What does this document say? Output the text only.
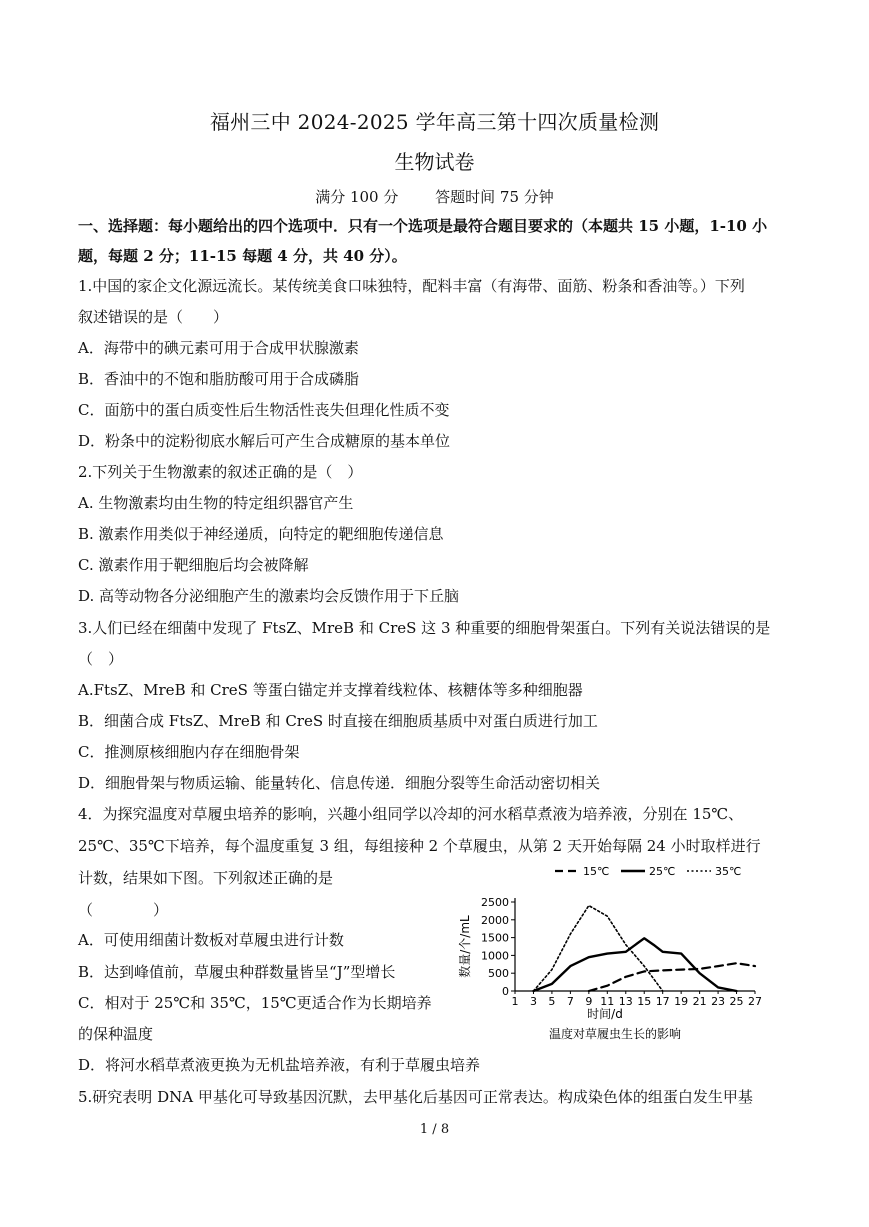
福州三中 2024-2025 学年高三第十四次质量检测
生物试卷
满分 100 分 答题时间 75 分钟
一、选择题：每小题给出的四个选项中．只有一个选项是最符合题目要求的（本题共 15 小题，1-10 小
题，每题 2 分；11-15 每题 4 分，共 40 分）。
1.中国的家企文化源远流长。某传统美食口味独特，配料丰富（有海带、面筋、粉条和香油等。）下列
叙述错误的是（　　）
A．海带中的碘元素可用于合成甲状腺激素
B．香油中的不饱和脂肪酸可用于合成磷脂
C．面筋中的蛋白质变性后生物活性丧失但理化性质不变
D．粉条中的淀粉彻底水解后可产生合成糖原的基本单位
2.下列关于生物激素的叙述正确的是（　）
A. 生物激素均由生物的特定组织器官产生
B. 激素作用类似于神经递质，向特定的靶细胞传递信息
C. 激素作用于靶细胞后均会被降解
D. 高等动物各分泌细胞产生的激素均会反馈作用于下丘脑
3.人们已经在细菌中发现了 FtsZ、MreB 和 CreS 这 3 种重要的细胞骨架蛋白。下列有关说法错误的是
（　）
A.FtsZ、MreB 和 CreS 等蛋白锚定并支撑着线粒体、核糖体等多种细胞器
B．细菌合成 FtsZ、MreB 和 CreS 时直接在细胞质基质中对蛋白质进行加工
C．推测原核细胞内存在细胞骨架
D．细胞骨架与物质运输、能量转化、信息传递．细胞分裂等生命活动密切相关
4．为探究温度对草履虫培养的影响，兴趣小组同学以冷却的河水稻草煮液为培养液，分别在 15℃、
25℃、35℃下培养，每个温度重复 3 组，每组接种 2 个草履虫，从第 2 天开始每隔 24 小时取样进行
计数，结果如下图。下列叙述正确的是
（　　　　）
A．可使用细菌计数板对草履虫进行计数
B．达到峰值前，草履虫种群数量皆呈“J”型增长
C．相对于 25℃和 35℃，15℃更适合作为长期培养
的保种温度
D．将河水稻草煮液更换为无机盐培养液，有利于草履虫培养
5.研究表明 DNA 甲基化可导致基因沉默，去甲基化后基因可正常表达。构成染色体的组蛋白发生甲基
1 / 8
0
500
1000
1500
2000
2500
1 3 5 7 9 11 13 15 17 19 21 23 25 27
时间/d
数量/个/mL
温度对草履虫生长的影响
15℃	25℃	35℃
